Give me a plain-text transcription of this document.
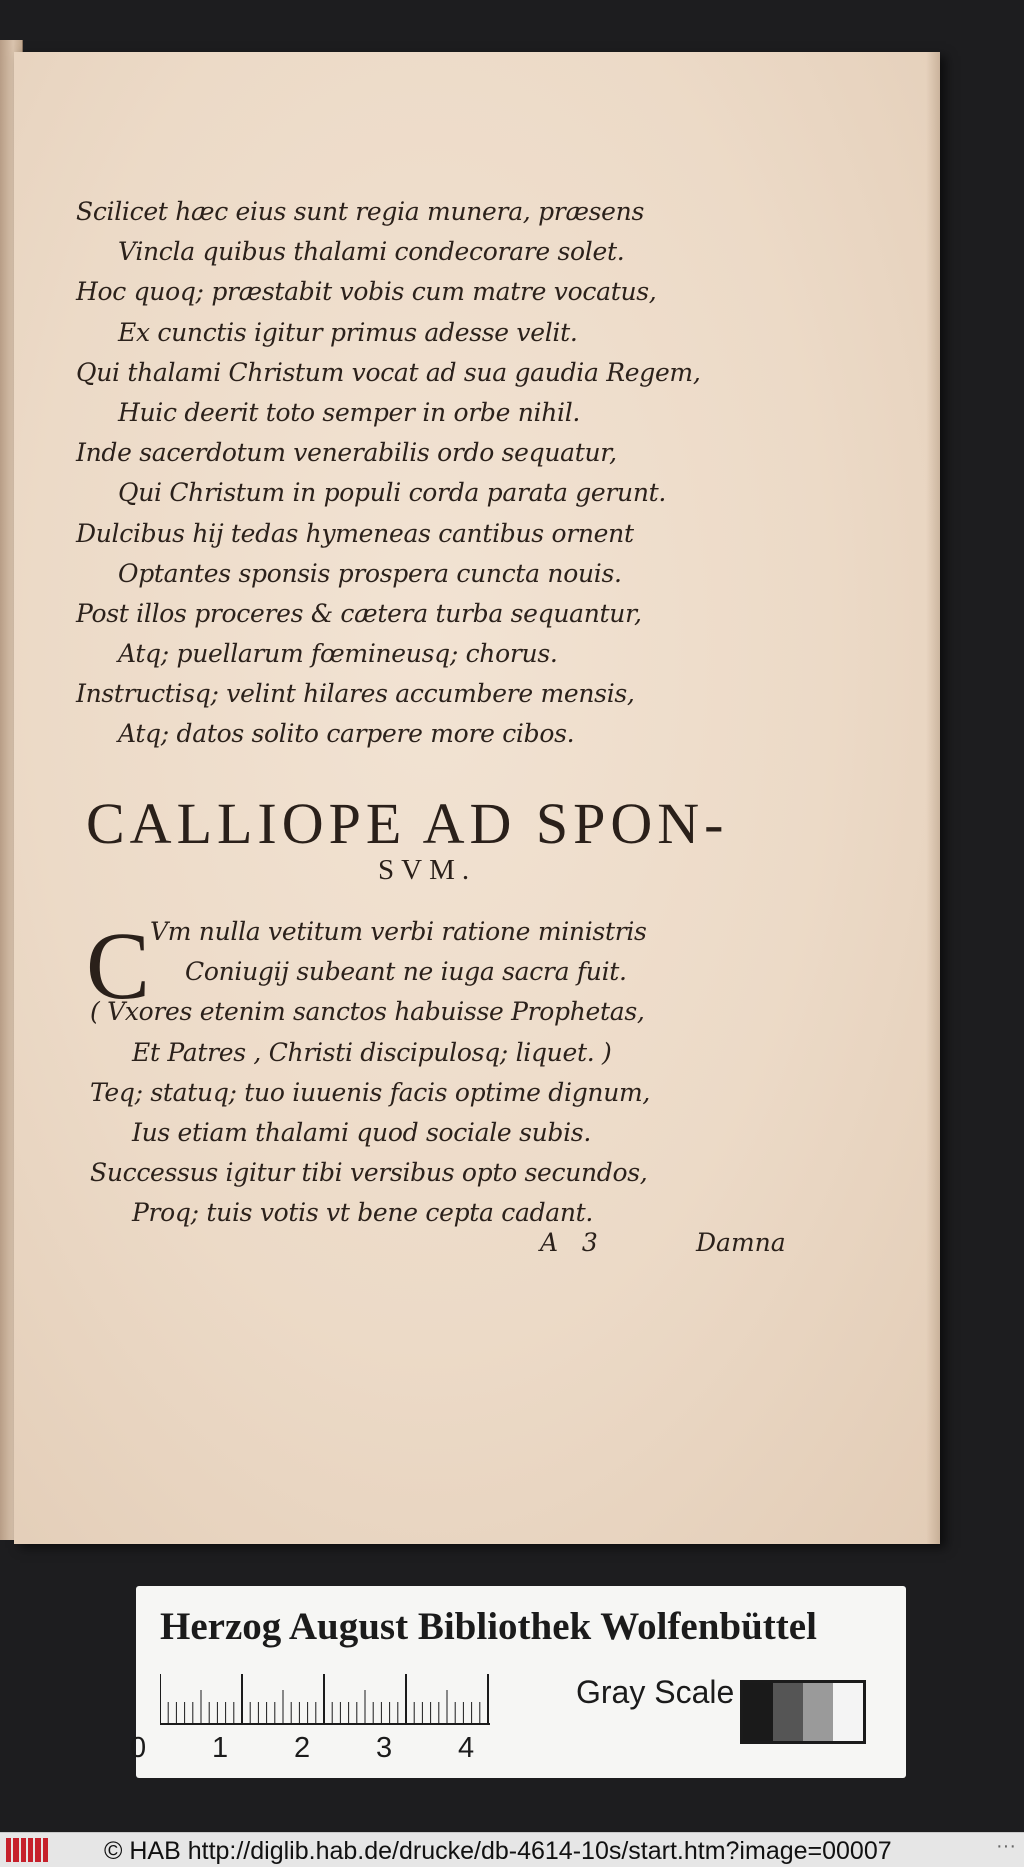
Scilicet hæc eius sunt regia munera, præsens
Vincla quibus thalami condecorare solet.
Hoc quoq; præstabit vobis cum matre vocatus,
Ex cunctis igitur primus adesse velit.
Qui thalami Christum vocat ad sua gaudia Regem,
Huic deerit toto semper in orbe nihil.
Inde sacerdotum venerabilis ordo sequatur,
Qui Christum in populi corda parata gerunt.
Dulcibus hij tedas hymeneas cantibus ornent
Optantes sponsis prospera cuncta nouis.
Post illos proceres & cætera turba sequantur,
Atq; puellarum fœmineusq; chorus.
Instructisq; velint hilares accumbere mensis,
Atq; datos solito carpere more cibos.
CALLIOPE AD SPON-
SVM.
C Vm nulla vetitum verbi ratione ministris
Coniugij subeant ne iuga sacra fuit.
( Vxores etenim sanctos habuisse Prophetas,
Et Patres , Christi discipulosq; liquet. )
Teq; statuq; tuo iuuenis facis optime dignum,
Ius etiam thalami quod sociale subis.
Successus igitur tibi versibus opto secundos,
Proq; tuis votis vt bene cepta cadant.
A   3	Damna
Herzog August Bibliothek Wolfenbüttel
0 1 2 3 4
Gray Scale
© HAB http://diglib.hab.de/drucke/db-4614-10s/start.htm?image=00007	···
